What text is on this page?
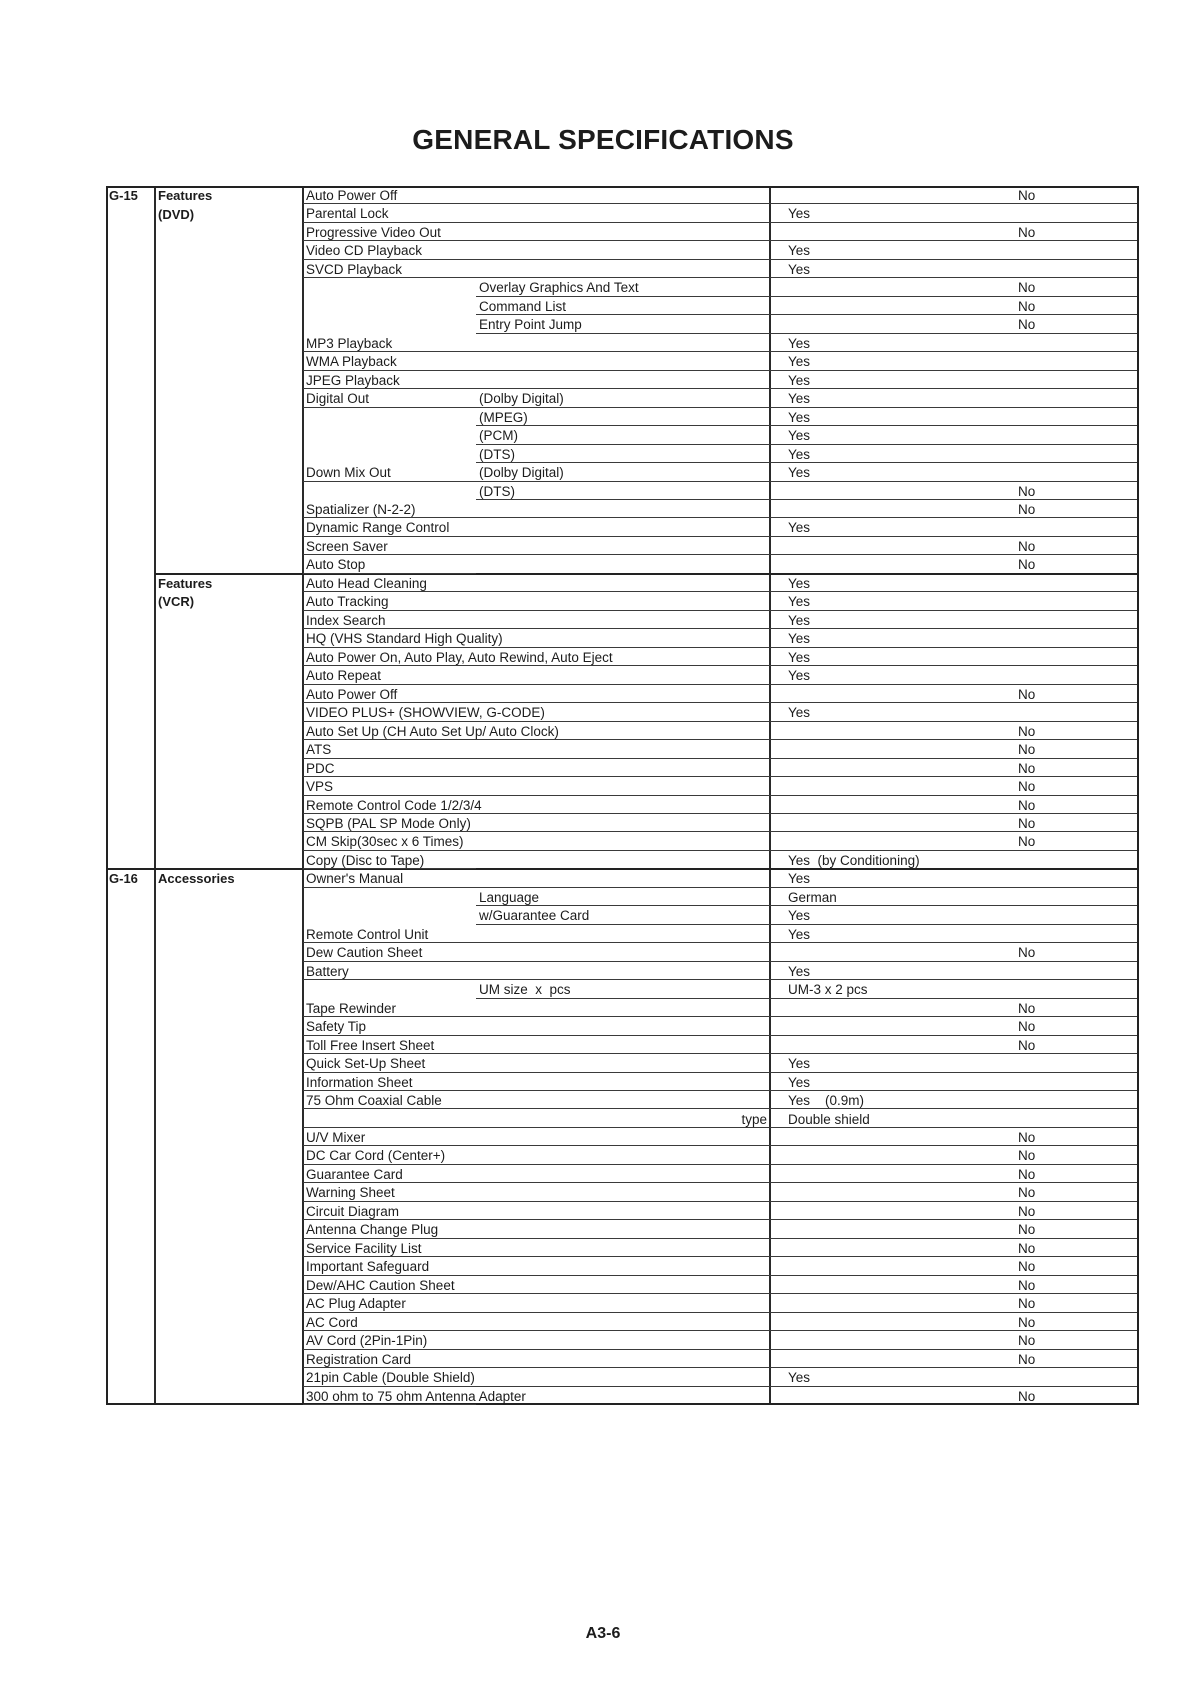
GENERAL SPECIFICATIONS
G-15	Features
(DVD)
Auto Power Off	No
Parental Lock	Yes
Progressive Video Out	No
Video CD Playback	Yes
SVCD Playback	Yes
Overlay Graphics And Text	No
Command List	No
Entry Point Jump	No
MP3 Playback	Yes
WMA Playback	Yes
JPEG Playback	Yes
Digital Out	(Dolby Digital)	Yes
(MPEG)	Yes
(PCM)	Yes
(DTS)	Yes
Down Mix Out	(Dolby Digital)	Yes
(DTS)	No
Spatializer (N-2-2)	No
Dynamic Range Control	Yes
Screen Saver	No
Auto Stop	No
Features
(VCR)
Auto Head Cleaning	Yes
Auto Tracking	Yes
Index Search	Yes
HQ (VHS Standard High Quality)	Yes
Auto Power On, Auto Play, Auto Rewind, Auto Eject	Yes
Auto Repeat	Yes
Auto Power Off	No
VIDEO PLUS+ (SHOWVIEW, G-CODE)	Yes
Auto Set Up (CH Auto Set Up/ Auto Clock)	No
ATS	No
PDC	No
VPS	No
Remote Control Code 1/2/3/4	No
SQPB (PAL SP Mode Only)	No
CM Skip(30sec x 6 Times)	No
Copy (Disc to Tape)	Yes  (by Conditioning)
G-16	Accessories	Owner's Manual	Yes
Language	German
w/Guarantee Card	Yes
Remote Control Unit	Yes
Dew Caution Sheet	No
Battery	Yes
UM size  x  pcs	UM-3 x 2 pcs
Tape Rewinder	No
Safety Tip	No
Toll Free Insert Sheet	No
Quick Set-Up Sheet	Yes
Information Sheet	Yes
75 Ohm Coaxial Cable	Yes    (0.9m)
type	Double shield
U/V Mixer	No
DC Car Cord (Center+)	No
Guarantee Card	No
Warning Sheet	No
Circuit Diagram	No
Antenna Change Plug	No
Service Facility List	No
Important Safeguard	No
Dew/AHC Caution Sheet	No
AC Plug Adapter	No
AC Cord	No
AV Cord (2Pin-1Pin)	No
Registration Card	No
21pin Cable (Double Shield)	Yes
300 ohm to 75 ohm Antenna Adapter	No
A3-6
